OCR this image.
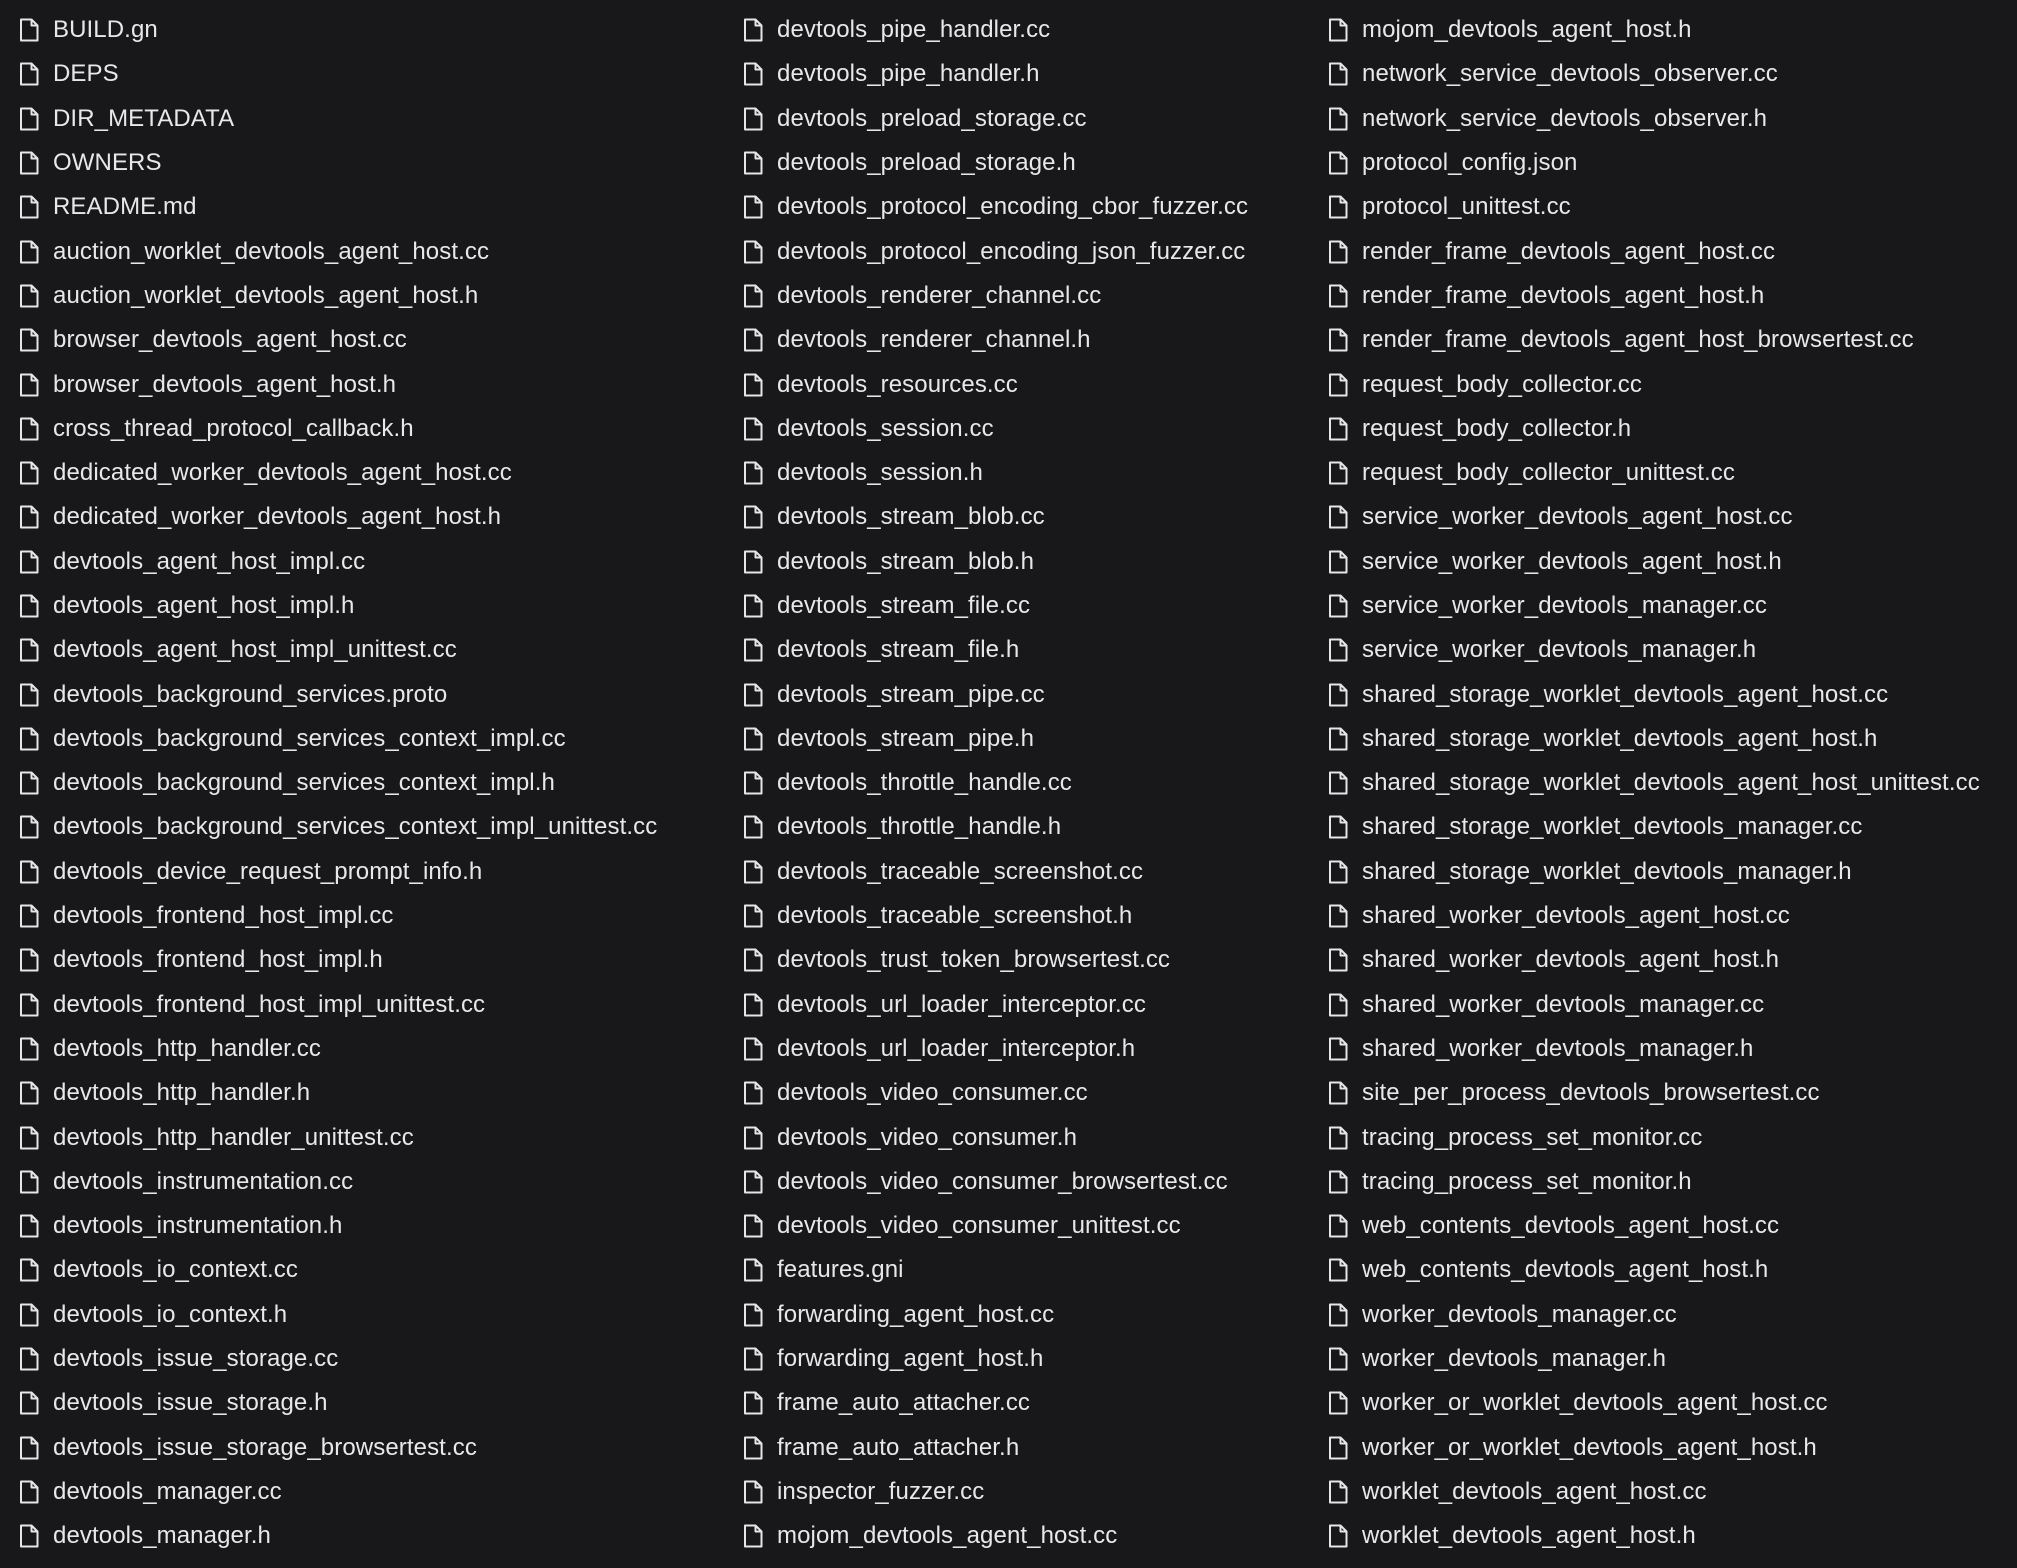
BUILD.gn
DEPS
DIR_METADATA
OWNERS
README.md
auction_worklet_devtools_agent_host.cc
auction_worklet_devtools_agent_host.h
browser_devtools_agent_host.cc
browser_devtools_agent_host.h
cross_thread_protocol_callback.h
dedicated_worker_devtools_agent_host.cc
dedicated_worker_devtools_agent_host.h
devtools_agent_host_impl.cc
devtools_agent_host_impl.h
devtools_agent_host_impl_unittest.cc
devtools_background_services.proto
devtools_background_services_context_impl.cc
devtools_background_services_context_impl.h
devtools_background_services_context_impl_unittest.cc
devtools_device_request_prompt_info.h
devtools_frontend_host_impl.cc
devtools_frontend_host_impl.h
devtools_frontend_host_impl_unittest.cc
devtools_http_handler.cc
devtools_http_handler.h
devtools_http_handler_unittest.cc
devtools_instrumentation.cc
devtools_instrumentation.h
devtools_io_context.cc
devtools_io_context.h
devtools_issue_storage.cc
devtools_issue_storage.h
devtools_issue_storage_browsertest.cc
devtools_manager.cc
devtools_manager.h
devtools_pipe_handler.cc
devtools_pipe_handler.h
devtools_preload_storage.cc
devtools_preload_storage.h
devtools_protocol_encoding_cbor_fuzzer.cc
devtools_protocol_encoding_json_fuzzer.cc
devtools_renderer_channel.cc
devtools_renderer_channel.h
devtools_resources.cc
devtools_session.cc
devtools_session.h
devtools_stream_blob.cc
devtools_stream_blob.h
devtools_stream_file.cc
devtools_stream_file.h
devtools_stream_pipe.cc
devtools_stream_pipe.h
devtools_throttle_handle.cc
devtools_throttle_handle.h
devtools_traceable_screenshot.cc
devtools_traceable_screenshot.h
devtools_trust_token_browsertest.cc
devtools_url_loader_interceptor.cc
devtools_url_loader_interceptor.h
devtools_video_consumer.cc
devtools_video_consumer.h
devtools_video_consumer_browsertest.cc
devtools_video_consumer_unittest.cc
features.gni
forwarding_agent_host.cc
forwarding_agent_host.h
frame_auto_attacher.cc
frame_auto_attacher.h
inspector_fuzzer.cc
mojom_devtools_agent_host.cc
mojom_devtools_agent_host.h
network_service_devtools_observer.cc
network_service_devtools_observer.h
protocol_config.json
protocol_unittest.cc
render_frame_devtools_agent_host.cc
render_frame_devtools_agent_host.h
render_frame_devtools_agent_host_browsertest.cc
request_body_collector.cc
request_body_collector.h
request_body_collector_unittest.cc
service_worker_devtools_agent_host.cc
service_worker_devtools_agent_host.h
service_worker_devtools_manager.cc
service_worker_devtools_manager.h
shared_storage_worklet_devtools_agent_host.cc
shared_storage_worklet_devtools_agent_host.h
shared_storage_worklet_devtools_agent_host_unittest.cc
shared_storage_worklet_devtools_manager.cc
shared_storage_worklet_devtools_manager.h
shared_worker_devtools_agent_host.cc
shared_worker_devtools_agent_host.h
shared_worker_devtools_manager.cc
shared_worker_devtools_manager.h
site_per_process_devtools_browsertest.cc
tracing_process_set_monitor.cc
tracing_process_set_monitor.h
web_contents_devtools_agent_host.cc
web_contents_devtools_agent_host.h
worker_devtools_manager.cc
worker_devtools_manager.h
worker_or_worklet_devtools_agent_host.cc
worker_or_worklet_devtools_agent_host.h
worklet_devtools_agent_host.cc
worklet_devtools_agent_host.h
